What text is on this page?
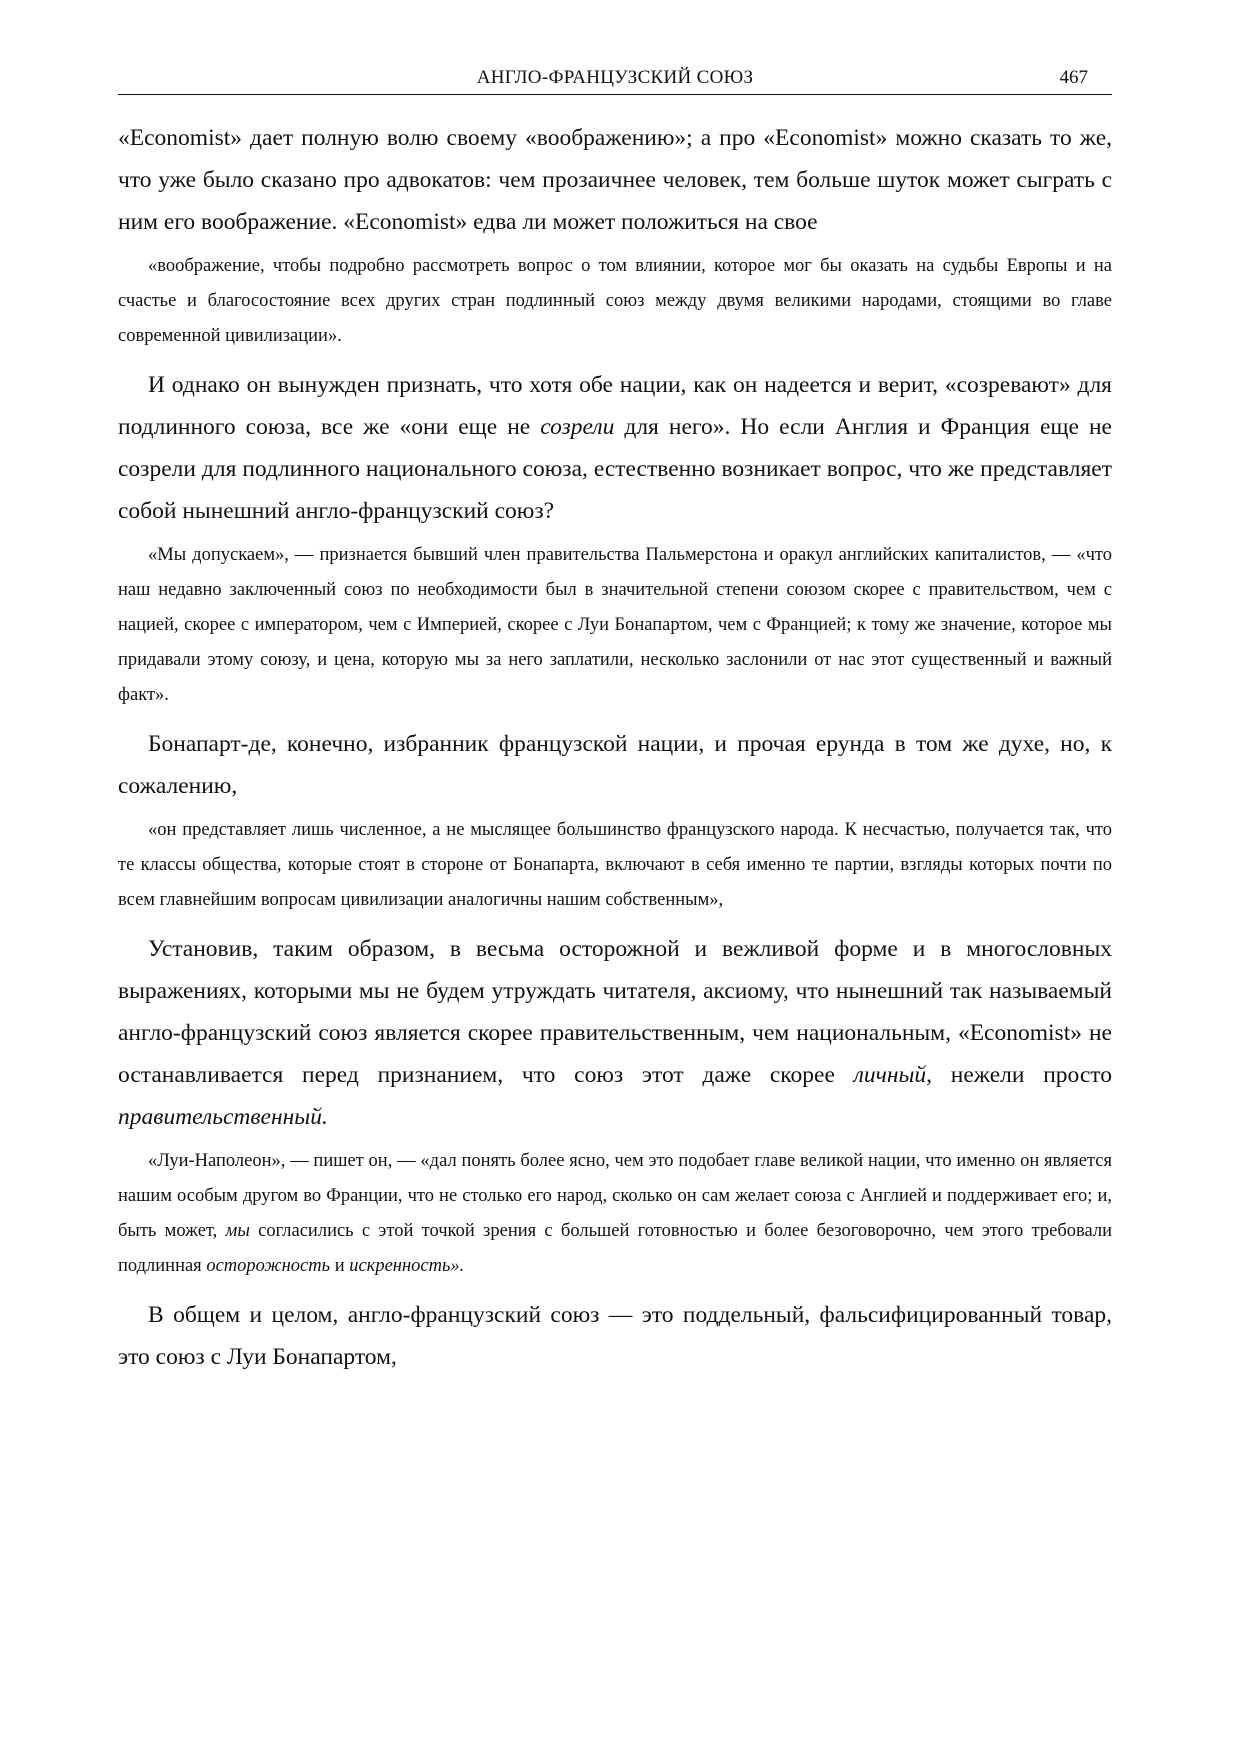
АНГЛО-ФРАНЦУЗСКИЙ СОЮЗ	467

«Economist» дает полную волю своему «воображению»; а про «Economist» можно сказать то же, что уже было сказано про адвокатов: чем прозаичнее человек, тем больше шуток может сыграть с ним его воображение. «Economist» едва ли может положиться на свое

«воображение, чтобы подробно рассмотреть вопрос о том влиянии, которое мог бы оказать на судьбы Европы и на счастье и благосостояние всех других стран подлинный союз между двумя великими народами, стоящими во главе современной цивилизации».

И однако он вынужден признать, что хотя обе нации, как он надеется и верит, «созревают» для подлинного союза, все же «они еще не созрели для него». Но если Англия и Франция еще не созрели для подлинного национального союза, естественно возникает вопрос, что же представляет собой нынешний англо-французский союз?

«Мы допускаем», — признается бывший член правительства Пальмерстона и оракул английских капиталистов, — «что наш недавно заключенный союз по необходимости был в значительной степени союзом скорее с правительством, чем с нацией, скорее с императором, чем с Империей, скорее с Луи Бонапартом, чем с Францией; к тому же значение, которое мы придавали этому союзу, и цена, которую мы за него заплатили, несколько заслонили от нас этот существенный и важный факт».

Бонапарт-де, конечно, избранник французской нации, и прочая ерунда в том же духе, но, к сожалению,

«он представляет лишь численное, а не мыслящее большинство французского народа. К несчастью, получается так, что те классы общества, которые стоят в стороне от Бонапарта, включают в себя именно те партии, взгляды которых почти по всем главнейшим вопросам цивилизации аналогичны нашим собственным»,

Установив, таким образом, в весьма осторожной и вежливой форме и в многословных выражениях, которыми мы не будем утруждать читателя, аксиому, что нынешний так называемый англо-французский союз является скорее правительственным, чем национальным, «Economist» не останавливается перед признанием, что союз этот даже скорее личный, нежели просто правительственный.

«Луи-Наполеон», — пишет он, — «дал понять более ясно, чем это подобает главе великой нации, что именно он является нашим особым другом во Франции, что не столько его народ, сколько он сам желает союза с Англией и поддерживает его; и, быть может, мы согласились с этой точкой зрения с большей готовностью и более безоговорочно, чем этого требовали подлинная осторожность и искренность».

В общем и целом, англо-французский союз — это поддельный, фальсифицированный товар, это союз с Луи Бонапартом,
